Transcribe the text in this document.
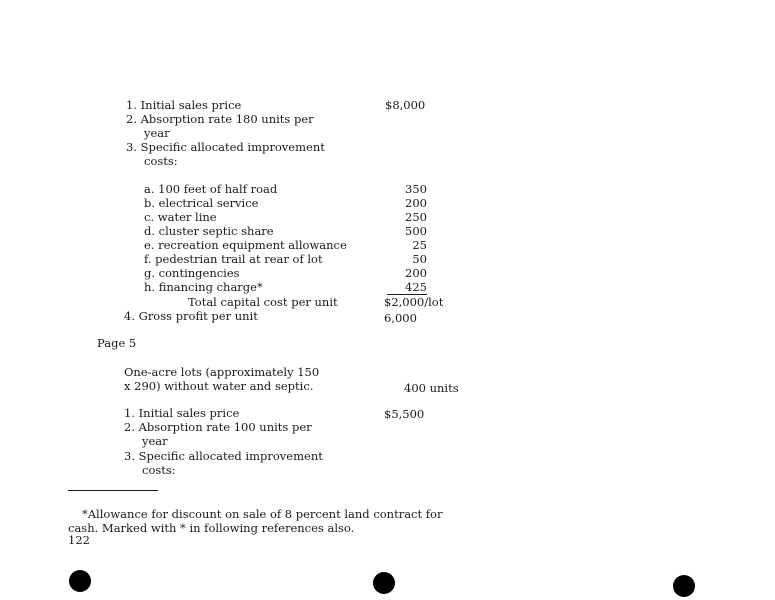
1. Initial sales price	$8,000
2. Absorption rate 180 units per
year
3. Specific allocated improvement
costs:
a. 100 feet of half road	350
b. electrical service	200
c. water line	250
d. cluster septic share	500
e. recreation equipment allowance	25
f. pedestrian trail at rear of lot	50
g. contingencies	200
h. financing charge*	425
Total capital cost per unit	$2,000/lot
4. Gross profit per unit	6,000
Page 5
One-acre lots (approximately 150
x 290) without water and septic.	400 units
1. Initial sales price	$5,500
2. Absorption rate 100 units per
year
3. Specific allocated improvement
costs:
*Allowance for discount on sale of 8 percent land contract for
cash. Marked with * in following references also.
122
